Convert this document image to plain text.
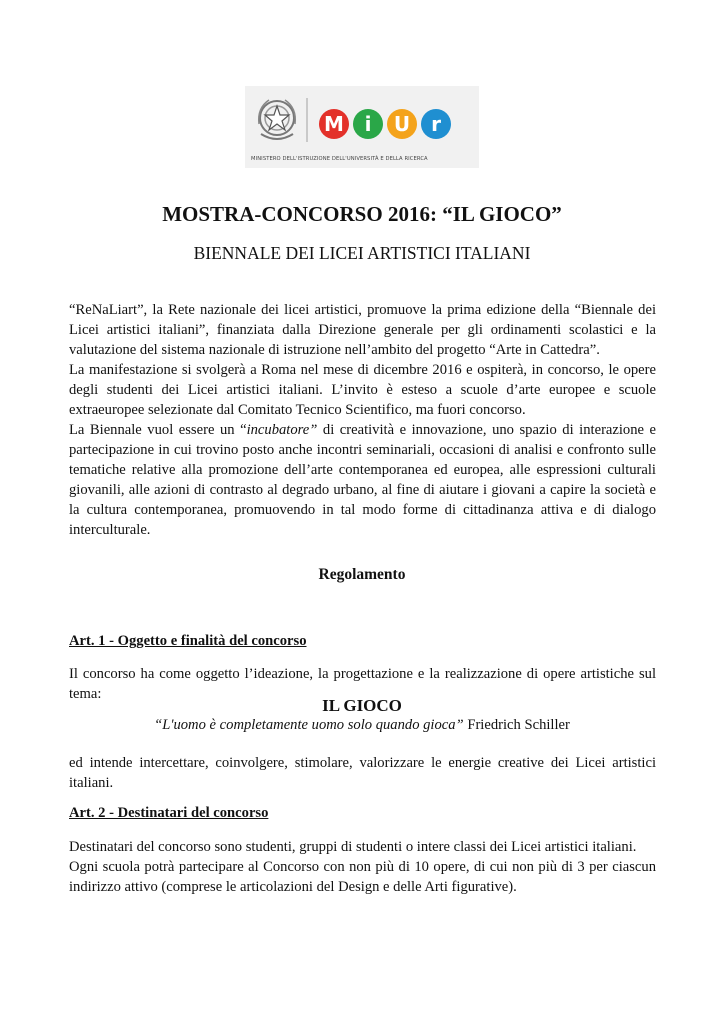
M	i	U	r
MINISTERO DELL'ISTRUZIONE DELL'UNIVERSITÀ E DELLA RICERCA
MOSTRA-CONCORSO 2016: “IL GIOCO”
BIENNALE DEI LICEI ARTISTICI ITALIANI
“ReNaLiart”, la Rete nazionale dei licei artistici, promuove la prima edizione della “Biennale dei
Licei artistici italiani”, finanziata dalla Direzione generale per gli ordinamenti scolastici e la
valutazione del sistema nazionale di istruzione nell’ambito del progetto “Arte in Cattedra”.
La manifestazione si svolgerà a Roma nel mese di dicembre 2016 e ospiterà, in concorso, le opere
degli studenti dei Licei artistici italiani. L’invito è esteso a scuole d’arte europee e scuole
extraeuropee selezionate dal Comitato Tecnico Scientifico, ma fuori concorso.
La Biennale vuol essere un “incubatore” di creatività e innovazione, uno spazio di interazione e
partecipazione in cui trovino posto anche incontri seminariali, occasioni di analisi e confronto sulle
tematiche relative alla promozione dell’arte contemporanea ed europea, alle espressioni culturali
giovanili, alle azioni di contrasto al degrado urbano, al fine di aiutare i giovani a capire la società e
la cultura contemporanea, promuovendo in tal modo forme di cittadinanza attiva e di dialogo
interculturale.
Regolamento

Art. 1 - Oggetto e finalità del concorso

Il concorso ha come oggetto l’ideazione, la progettazione e la realizzazione di opere artistiche sul
tema:
IL GIOCO
“L'uomo è completamente uomo solo quando gioca” Friedrich Schiller
ed intende intercettare, coinvolgere, stimolare, valorizzare le energie creative dei Licei artistici
italiani.

Art. 2 - Destinatari del concorso

Destinatari del concorso sono studenti, gruppi di studenti o intere classi dei Licei artistici italiani.
Ogni scuola potrà partecipare al Concorso con non più di 10 opere, di cui non più di 3 per ciascun
indirizzo attivo (comprese le articolazioni del Design e delle Arti figurative).
